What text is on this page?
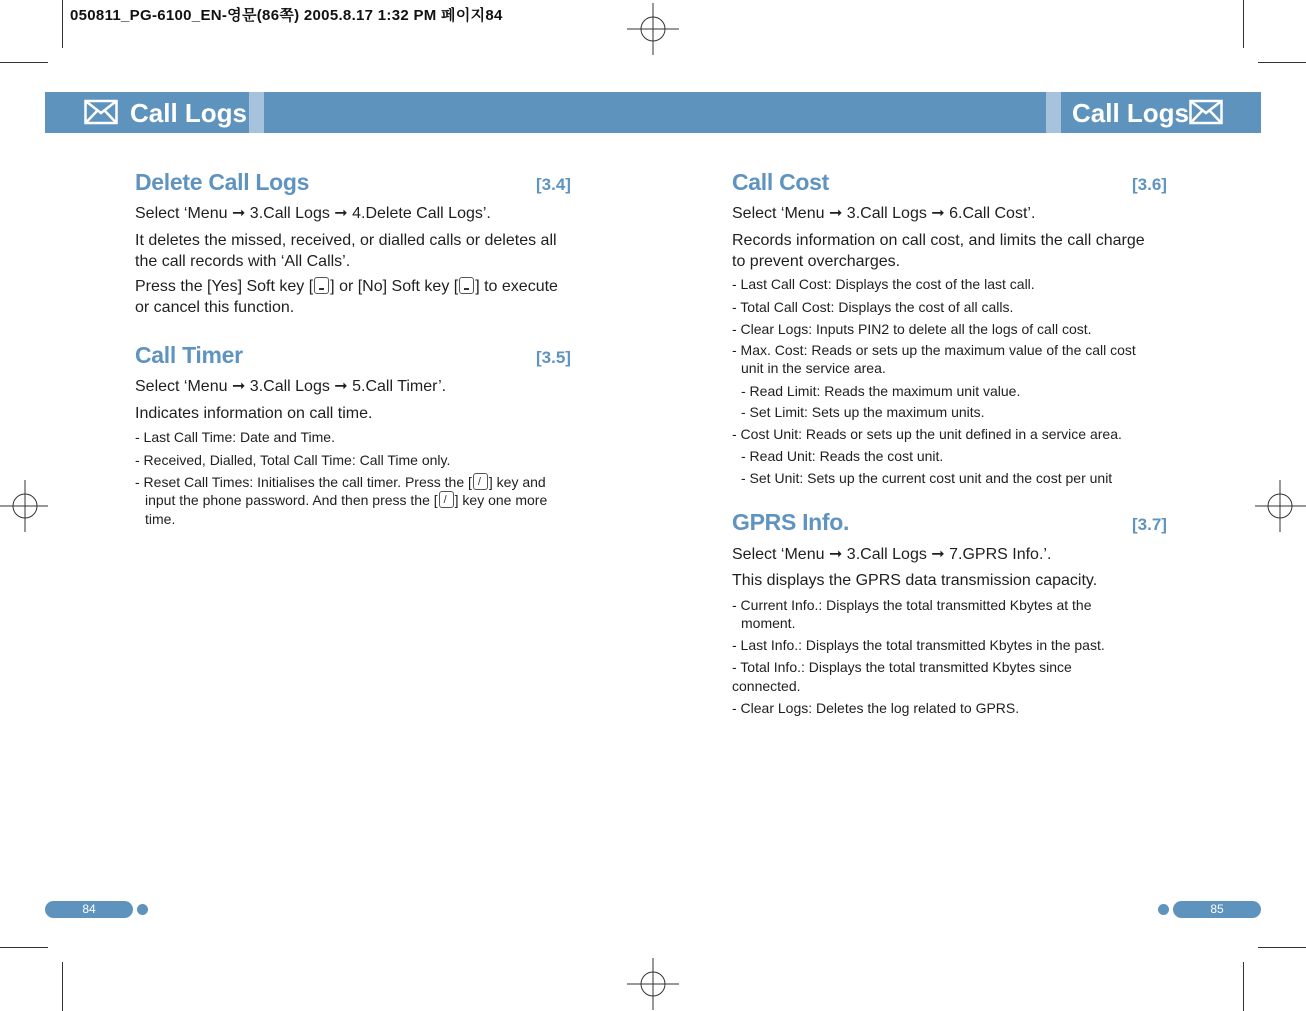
050811_PG-6100_EN-영문(86쪽) 2005.8.17 1:32 PM 페이지84
Call Logs	Call Logs
Delete Call Logs	[3.4]
Select ‘Menu ➞ 3.Call Logs ➞ 4.Delete Call Logs’.
It deletes the missed, received, or dialled calls or deletes all
the call records with ‘All Calls’.
Press the [Yes] Soft key [ ] or [No] Soft key [ ] to execute
or cancel this function.
Call Timer	[3.5]
Select ‘Menu ➞ 3.Call Logs ➞ 5.Call Timer’.
Indicates information on call time.
- Last Call Time: Date and Time.
- Received, Dialled, Total Call Time: Call Time only.
- Reset Call Times: Initialises the call timer. Press the [ / ] key and
input the phone password. And then press the [ / ] key one more
time.
Call Cost	[3.6]
Select ‘Menu ➞ 3.Call Logs ➞ 6.Call Cost’.
Records information on call cost, and limits the call charge
to prevent overcharges.
- Last Call Cost: Displays the cost of the last call.
- Total Call Cost: Displays the cost of all calls.
- Clear Logs: Inputs PIN2 to delete all the logs of call cost.
- Max. Cost: Reads or sets up the maximum value of the call cost
unit in the service area.
- Read Limit: Reads the maximum unit value.
- Set Limit: Sets up the maximum units.
- Cost Unit: Reads or sets up the unit defined in a service area.
- Read Unit: Reads the cost unit.
- Set Unit: Sets up the current cost unit and the cost per unit
GPRS Info.	[3.7]
Select ‘Menu ➞ 3.Call Logs ➞ 7.GPRS Info.’.
This displays the GPRS data transmission capacity.
- Current Info.: Displays the total transmitted Kbytes at the
moment.
- Last Info.: Displays the total transmitted Kbytes in the past.
- Total Info.: Displays the total transmitted Kbytes since
connected.
- Clear Logs: Deletes the log related to GPRS.
84	85
